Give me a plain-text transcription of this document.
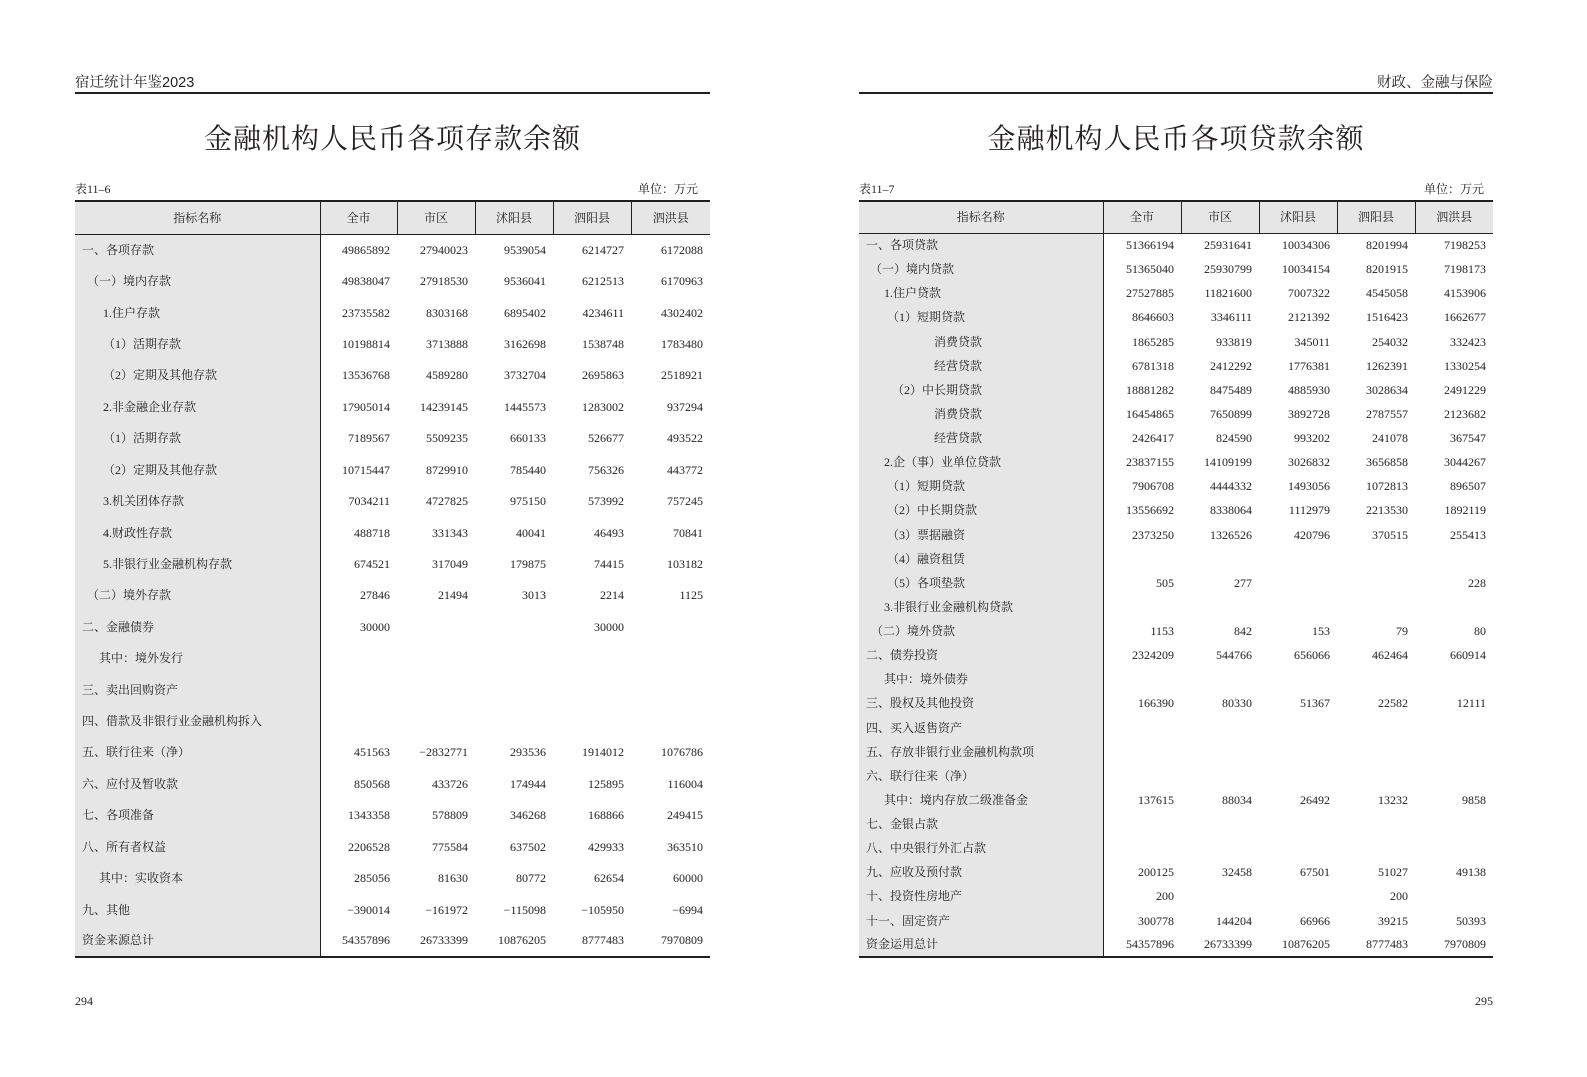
宿迁统计年鉴2023
金融机构人民币各项存款余额
表11–6	单位：万元
指标名称	全市	市区	沭阳县	泗阳县	泗洪县
一、各项存款	49865892	27940023	9539054	6214727	6172088
（一）境内存款	49838047	27918530	9536041	6212513	6170963
1.住户存款	23735582	8303168	6895402	4234611	4302402
（1）活期存款	10198814	3713888	3162698	1538748	1783480
（2）定期及其他存款	13536768	4589280	3732704	2695863	2518921
2.非金融企业存款	17905014	14239145	1445573	1283002	937294
（1）活期存款	7189567	5509235	660133	526677	493522
（2）定期及其他存款	10715447	8729910	785440	756326	443772
3.机关团体存款	7034211	4727825	975150	573992	757245
4.财政性存款	488718	331343	40041	46493	70841
5.非银行业金融机构存款	674521	317049	179875	74415	103182
（二）境外存款	27846	21494	3013	2214	1125
二、金融债券	30000			30000	
其中：境外发行					
三、卖出回购资产					
四、借款及非银行业金融机构拆入					
五、联行往来（净）	451563	−2832771	293536	1914012	1076786
六、应付及暂收款	850568	433726	174944	125895	116004
七、各项准备	1343358	578809	346268	168866	249415
八、所有者权益	2206528	775584	637502	429933	363510
其中：实收资本	285056	81630	80772	62654	60000
九、其他	−390014	−161972	−115098	−105950	−6994
资金来源总计	54357896	26733399	10876205	8777483	7970809
294
财政、金融与保险
金融机构人民币各项贷款余额
表11–7	单位：万元
指标名称	全市	市区	沭阳县	泗阳县	泗洪县
一、各项贷款	51366194	25931641	10034306	8201994	7198253
（一）境内贷款	51365040	25930799	10034154	8201915	7198173
1.住户贷款	27527885	11821600	7007322	4545058	4153906
（1）短期贷款	8646603	3346111	2121392	1516423	1662677
消费贷款	1865285	933819	345011	254032	332423
经营贷款	6781318	2412292	1776381	1262391	1330254
（2）中长期贷款	18881282	8475489	4885930	3028634	2491229
消费贷款	16454865	7650899	3892728	2787557	2123682
经营贷款	2426417	824590	993202	241078	367547
2.企（事）业单位贷款	23837155	14109199	3026832	3656858	3044267
（1）短期贷款	7906708	4444332	1493056	1072813	896507
（2）中长期贷款	13556692	8338064	1112979	2213530	1892119
（3）票据融资	2373250	1326526	420796	370515	255413
（4）融资租赁					
（5）各项垫款	505	277			228
3.非银行业金融机构贷款					
（二）境外贷款	1153	842	153	79	80
二、债券投资	2324209	544766	656066	462464	660914
其中：境外债券					
三、股权及其他投资	166390	80330	51367	22582	12111
四、买入返售资产					
五、存放非银行业金融机构款项					
六、联行往来（净）					
其中：境内存放二级准备金	137615	88034	26492	13232	9858
七、金银占款					
八、中央银行外汇占款					
九、应收及预付款	200125	32458	67501	51027	49138
十、投资性房地产	200			200	
十一、固定资产	300778	144204	66966	39215	50393
资金运用总计	54357896	26733399	10876205	8777483	7970809
295
